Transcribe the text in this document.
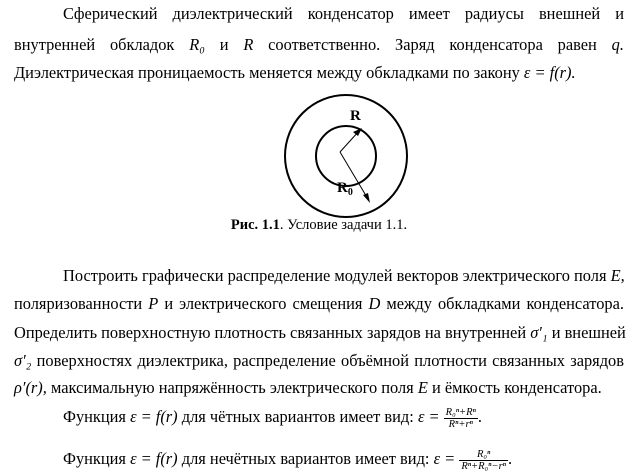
Сферический диэлектрический конденсатор имеет радиусы внешней и
внутренней обкладок R₀ и R соответственно. Заряд конденсатора равен q.
Диэлектрическая проницаемость меняется между обкладками по закону ε = f(r).
R
$R_0$
Рис. 1.1. Условие задачи 1.1.
Построить графически распределение модулей векторов электрического поля E,
поляризованности P и электрического смещения D между обкладками конденсатора.
Определить поверхностную плотность связанных зарядов на внутренней σ′₁ и внешней
σ′₂ поверхностях диэлектрика, распределение объёмной плотности связанных зарядов
ρ′(r), максимальную напряжённость электрического поля E и ёмкость конденсатора.
Функция ε = f(r) для чётных вариантов имеет вид: $\varepsilon = \frac{\text{R₀ⁿ+Rⁿ}}{\text{Rⁿ+rⁿ}}$ .
Функция ε = f(r) для нечётных вариантов имеет вид: $\varepsilon = \frac{\text{R₀ⁿ}}{\text{Rⁿ+R₀ⁿ−rⁿ}}$ .
